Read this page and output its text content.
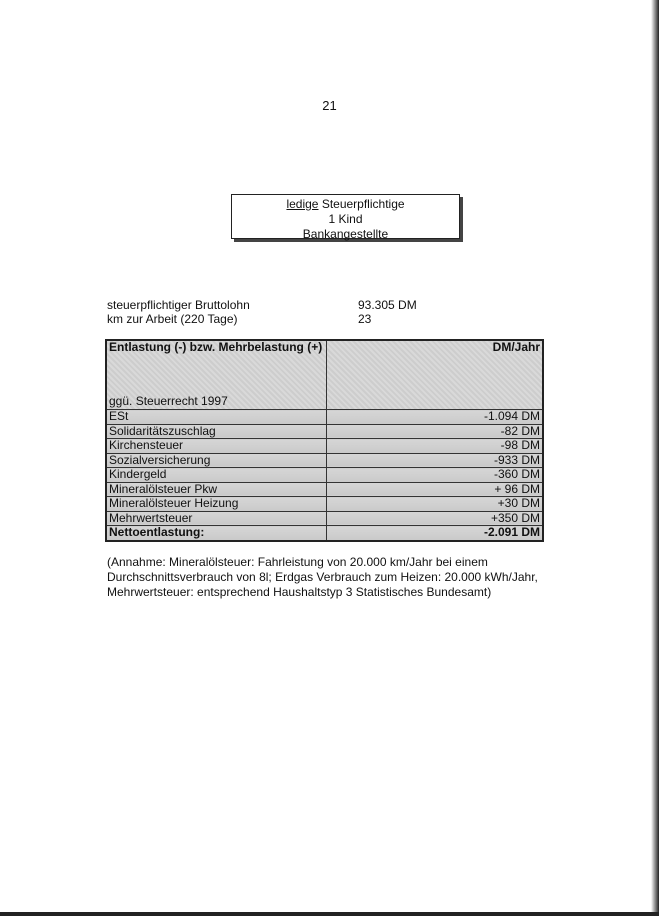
21
ledige Steuerpflichtige
1 Kind
Bankangestellte
steuerpflichtiger Bruttolohn	93.305 DM
km zur Arbeit (220 Tage)	23
Entlastung (-) bzw. Mehrbelastung (+)
ggü. Steuerrecht 1997	DM/Jahr
ESt	-1.094 DM
Solidaritätszuschlag	-82 DM
Kirchensteuer	-98 DM
Sozialversicherung	-933 DM
Kindergeld	-360 DM
Mineralölsteuer Pkw	+ 96 DM
Mineralölsteuer Heizung	+30 DM
Mehrwertsteuer	+350 DM
Nettoentlastung:	-2.091 DM
(Annahme: Mineralölsteuer: Fahrleistung von 20.000 km/Jahr bei einem Durchschnittsverbrauch von 8l; Erdgas Verbrauch zum Heizen: 20.000 kWh/Jahr, Mehrwertsteuer: entsprechend Haushaltstyp 3 Statistisches Bundesamt)
